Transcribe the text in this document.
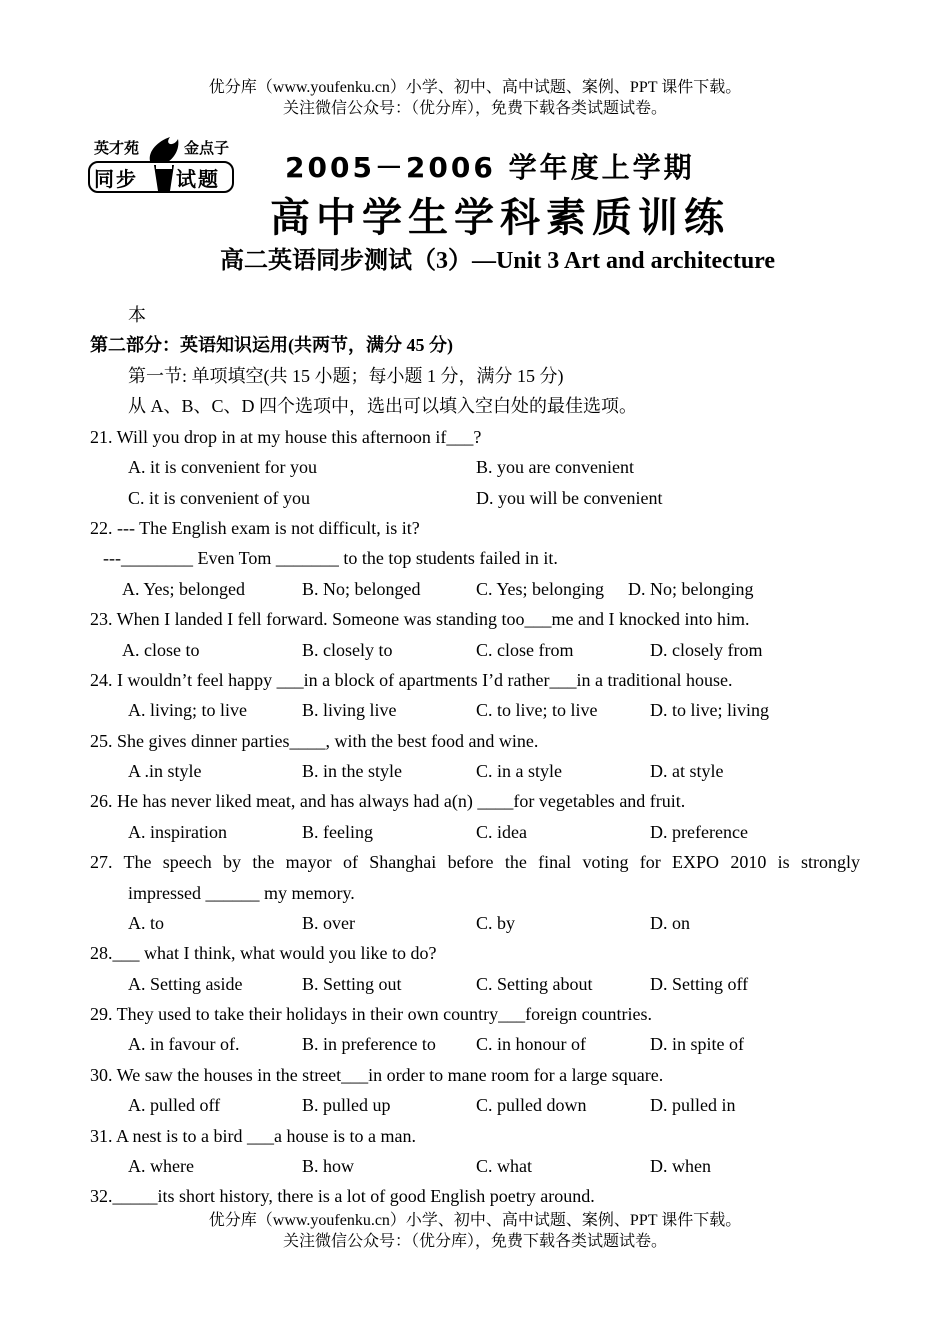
优分库（www.youfenku.cn）小学、初中、高中试题、案例、PPT 课件下载。
关注微信公众号：（优分库），免费下载各类试题试卷。
英才苑	金点子
同步 试题 2005－2006 学年度上学期
高中学生学科素质训练
高二英语同步测试（3）—Unit 3 Art and architecture
本
第二部分：英语知识运用(共两节，满分 45 分)
第一节: 单项填空(共 15 小题；每小题 1 分，满分 15 分)
从 A、B、C、D 四个选项中，选出可以填入空白处的最佳选项。
21. Will you drop in at my house this afternoon if___?
A. it is convenient for you	B. you are convenient
C. it is convenient of you	D. you will be convenient
22. --- The English exam is not difficult, is it?
---________ Even Tom _______ to the top students failed in it.
A. Yes; belonged	B. No; belonged	C. Yes; belonging D. No; belonging
23. When I landed I fell forward. Someone was standing too___me and I knocked into him.
A. close to	B. closely to	C. close from	D. closely from
24. I wouldn’t feel happy ___in a block of apartments I’d rather___in a traditional house.
A. living; to live	B. living live	C. to live; to live	D. to live; living
25. She gives dinner parties____, with the best food and wine.
A .in style	B. in the style	C. in a style	D. at style
26. He has never liked meat, and has always had a(n) ____for vegetables and fruit.
A. inspiration	B. feeling	C. idea	D. preference
27. The speech by the mayor of Shanghai before the final voting for EXPO 2010 is strongly
impressed ______ my memory.
A. to	B. over	C. by	D. on
28.___ what I think, what would you like to do?
A. Setting aside	B. Setting out	C. Setting about	D. Setting off
29. They used to take their holidays in their own country___foreign countries.
A. in favour of.	B. in preference to C. in honour of	D. in spite of
30. We saw the houses in the street___in order to mane room for a large square.
A. pulled off	B. pulled up	C. pulled down	D. pulled in
31. A nest is to a bird ___a house is to a man.
A. where	B. how	C. what	D. when
32._____its short history, there is a lot of good English poetry around.
优分库（www.youfenku.cn）小学、初中、高中试题、案例、PPT 课件下载。
关注微信公众号：（优分库），免费下载各类试题试卷。
